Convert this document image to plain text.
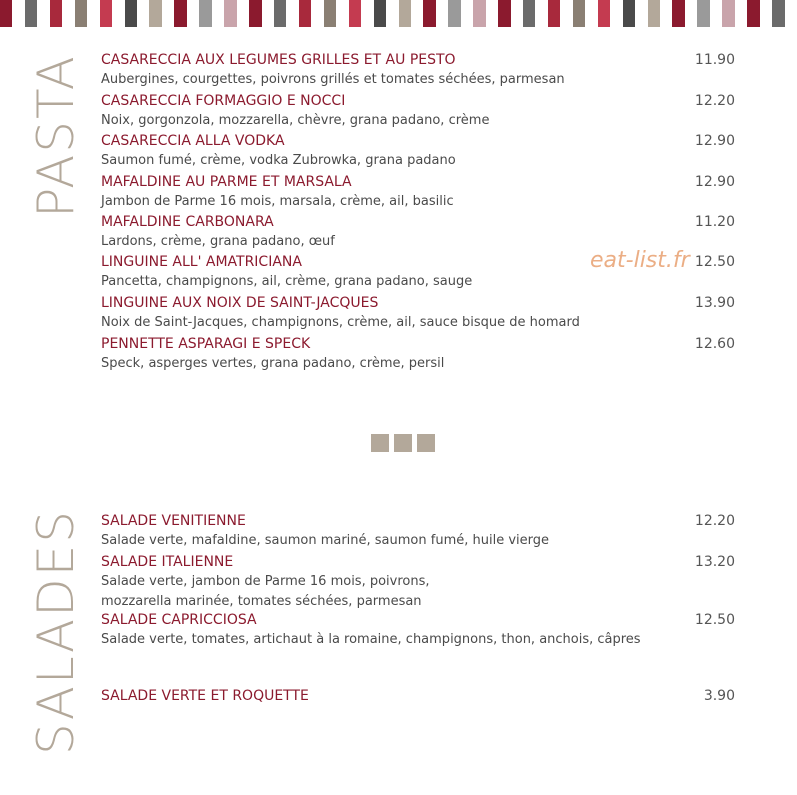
PASTA
SALADES
CASARECCIA AUX LEGUMES GRILLES ET AU PESTO	11.90
Aubergines, courgettes, poivrons grillés et tomates séchées, parmesan
CASARECCIA FORMAGGIO E NOCCI	12.20
Noix, gorgonzola, mozzarella, chèvre, grana padano, crème
CASARECCIA ALLA VODKA	12.90
Saumon fumé, crème, vodka Zubrowka, grana padano
MAFALDINE AU PARME ET MARSALA	12.90
Jambon de Parme 16 mois, marsala, crème, ail, basilic
MAFALDINE CARBONARA	11.20
Lardons, crème, grana padano, œuf
LINGUINE ALL' AMATRICIANA	12.50
Pancetta, champignons, ail, crème, grana padano, sauge
LINGUINE AUX NOIX DE SAINT-JACQUES	13.90
Noix de Saint-Jacques, champignons, crème, ail, sauce bisque de homard
PENNETTE ASPARAGI E SPECK	12.60
Speck, asperges vertes, grana padano, crème, persil
SALADE VENITIENNE	12.20
Salade verte, mafaldine, saumon mariné, saumon fumé, huile vierge
SALADE ITALIENNE	13.20
Salade verte, jambon de Parme 16 mois, poivrons,
mozzarella marinée, tomates séchées, parmesan
SALADE CAPRICCIOSA	12.50
Salade verte, tomates, artichaut à la romaine, champignons, thon, anchois, câpres
SALADE VERTE ET ROQUETTE	3.90
eat-list.fr
